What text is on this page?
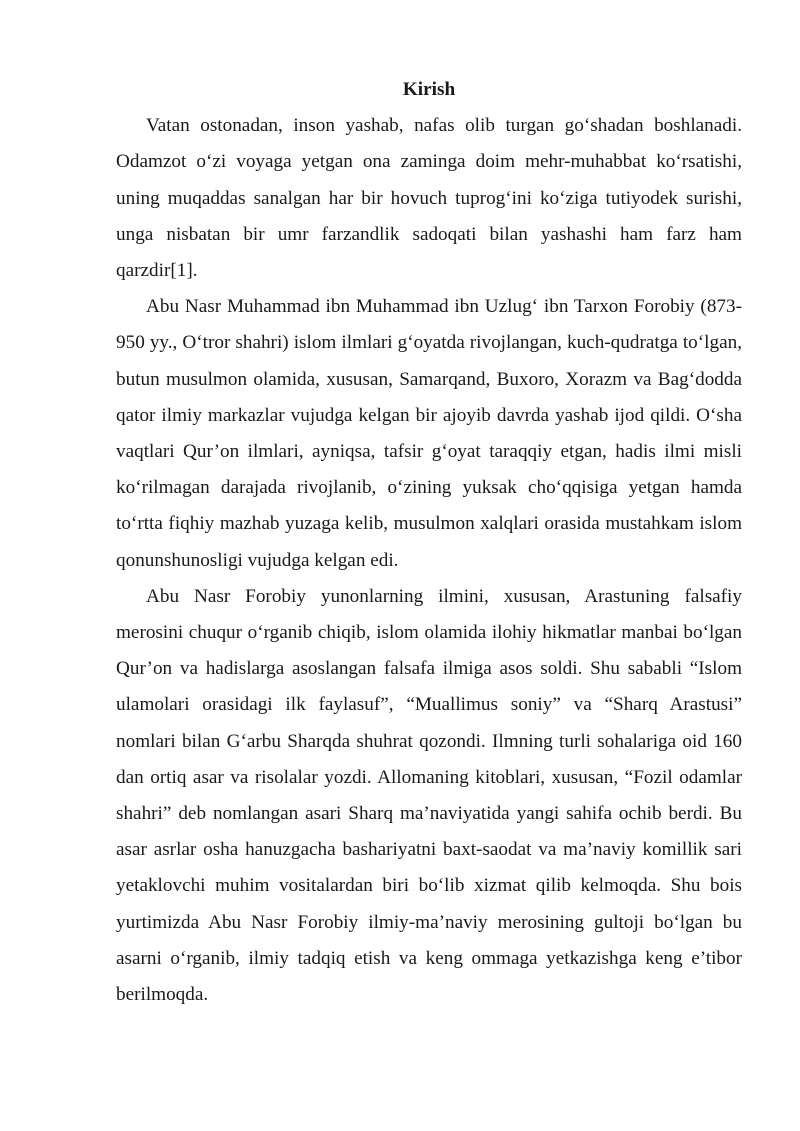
Kirish

Vatan ostonadan, inson yashab, nafas olib turgan go‘shadan boshlanadi. Odamzot o‘zi voyaga yetgan ona zaminga doim mehr-muhabbat ko‘rsatishi, uning muqaddas sanalgan har bir hovuch tuprog‘ini ko‘ziga tutiyodek surishi, unga nisbatan bir umr farzandlik sadoqati bilan yashashi ham farz ham qarzdir[1].

Abu Nasr Muhammad ibn Muhammad ibn Uzlug‘ ibn Tarxon Forobiy (873-950 yy., O‘tror shahri) islom ilmlari g‘oyatda rivojlangan, kuch-qudratga to‘lgan, butun musulmon olamida, xususan, Samarqand, Buxoro, Xorazm va Bag‘dodda qator ilmiy markazlar vujudga kelgan bir ajoyib davrda yashab ijod qildi. O‘sha vaqtlari Qur’on ilmlari, ayniqsa, tafsir g‘oyat taraqqiy etgan, hadis ilmi misli ko‘rilmagan darajada rivojlanib, o‘zining yuksak cho‘qqisiga yetgan hamda to‘rtta fiqhiy mazhab yuzaga kelib, musulmon xalqlari orasida mustahkam islom qonunshunosligi vujudga kelgan edi.

Abu Nasr Forobiy yunonlarning ilmini, xususan, Arastuning falsafiy merosini chuqur o‘rganib chiqib, islom olamida ilohiy hikmatlar manbai bo‘lgan Qur’on va hadislarga asoslangan falsafa ilmiga asos soldi. Shu sababli “Islom ulamolari orasidagi ilk faylasuf”, “Muallimus soniy” va “Sharq Arastusi” nomlari bilan G‘arbu Sharqda shuhrat qozondi. Ilmning turli sohalariga oid 160 dan ortiq asar va risolalar yozdi. Allomaning kitoblari, xususan, “Fozil odamlar shahri” deb nomlangan asari Sharq ma’naviyatida yangi sahifa ochib berdi. Bu asar asrlar osha hanuzgacha bashariyatni baxt-saodat va ma’naviy komillik sari yetaklovchi muhim vositalardan biri bo‘lib xizmat qilib kelmoqda. Shu bois yurtimizda Abu Nasr Forobiy ilmiy-ma’naviy merosining gultoji bo‘lgan bu asarni o‘rganib, ilmiy tadqiq etish va keng ommaga yetkazishga keng e’tibor berilmoqda.
